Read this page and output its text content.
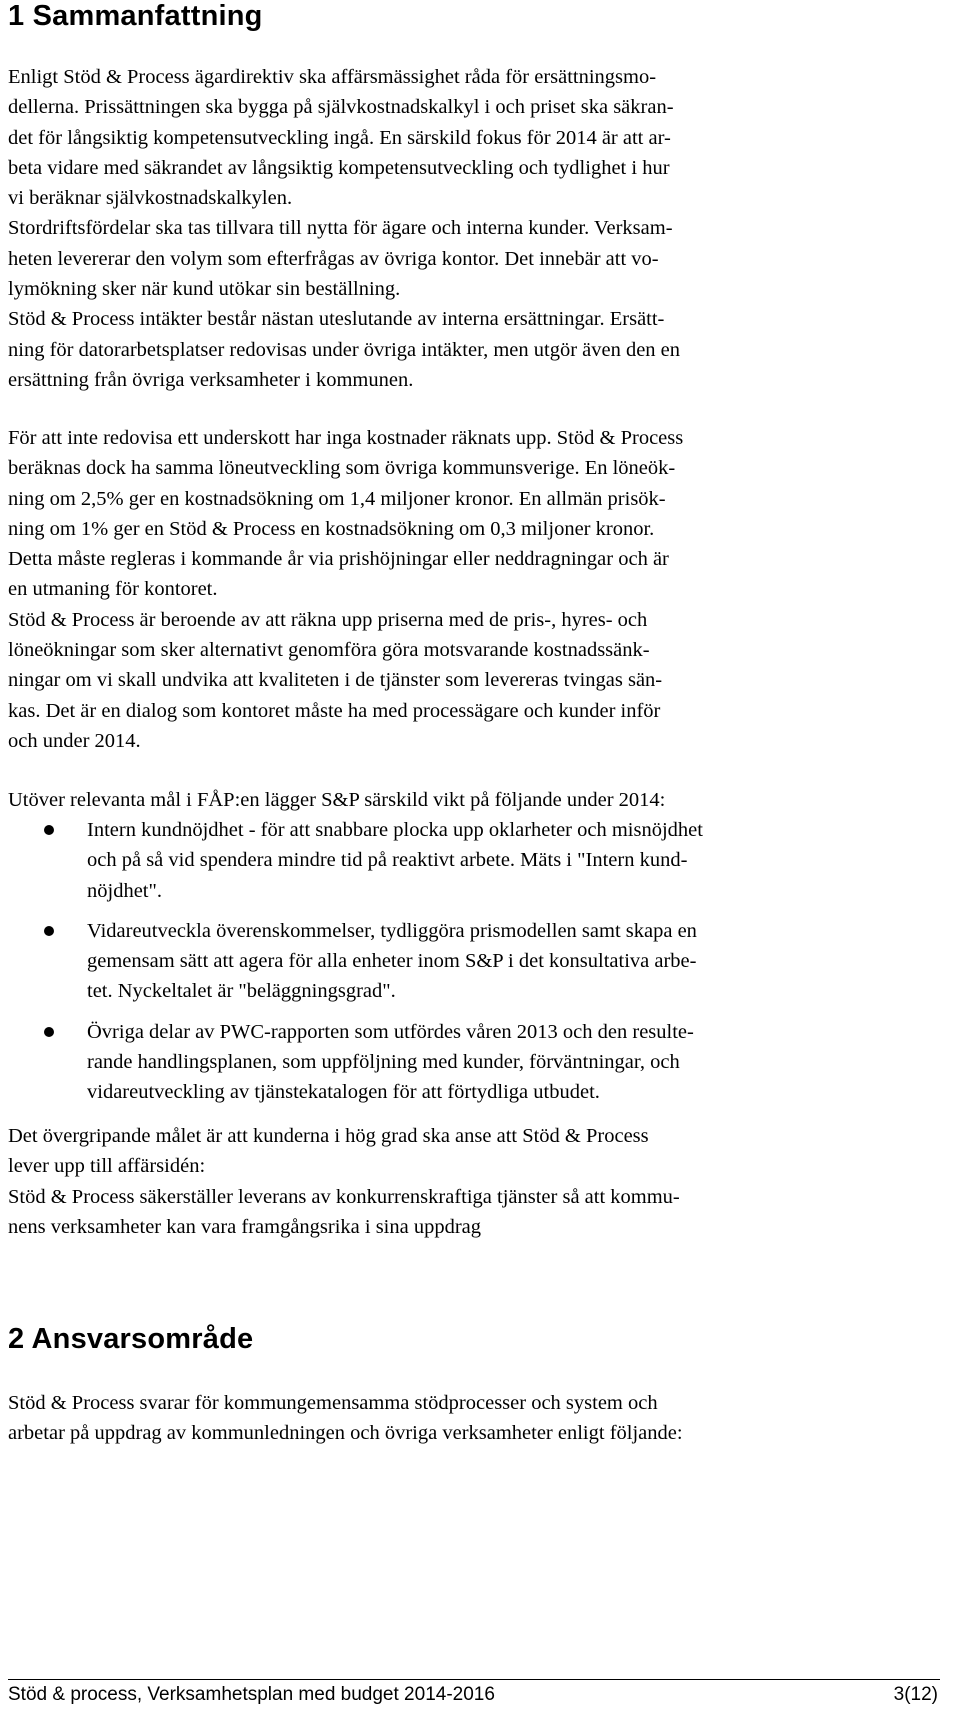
1 Sammanfattning
Enligt Stöd & Process ägardirektiv ska affärsmässighet råda för ersättningsmo-
dellerna. Prissättningen ska bygga på självkostnadskalkyl i och priset ska säkran-
det för långsiktig kompetensutveckling ingå. En särskild fokus för 2014 är att ar-
beta vidare med säkrandet av långsiktig kompetensutveckling och tydlighet i hur
vi beräknar självkostnadskalkylen.
Stordriftsfördelar ska tas tillvara till nytta för ägare och interna kunder. Verksam-
heten levererar den volym som efterfrågas av övriga kontor. Det innebär att vo-
lymökning sker när kund utökar sin beställning.
Stöd & Process intäkter består nästan uteslutande av interna ersättningar. Ersätt-
ning för datorarbetsplatser redovisas under övriga intäkter, men utgör även den en
ersättning från övriga verksamheter i kommunen.
För att inte redovisa ett underskott har inga kostnader räknats upp. Stöd & Process
beräknas dock ha samma löneutveckling som övriga kommunsverige. En löneök-
ning om 2,5% ger en kostnadsökning om 1,4 miljoner kronor. En allmän prisök-
ning om 1% ger en Stöd & Process en kostnadsökning om 0,3 miljoner kronor.
Detta måste regleras i kommande år via prishöjningar eller neddragningar och är
en utmaning för kontoret.
Stöd & Process är beroende av att räkna upp priserna med de pris-, hyres- och
löneökningar som sker alternativt genomföra göra motsvarande kostnadssänk-
ningar om vi skall undvika att kvaliteten i de tjänster som levereras tvingas sän-
kas. Det är en dialog som kontoret måste ha med processägare och kunder inför
och under 2014.
Utöver relevanta mål i FÅP:en lägger S&P särskild vikt på följande under 2014:
Intern kundnöjdhet - för att snabbare plocka upp oklarheter och misnöjdhet
och på så vid spendera mindre tid på reaktivt arbete. Mäts i "Intern kund-
nöjdhet".
Vidareutveckla överenskommelser, tydliggöra prismodellen samt skapa en
gemensam sätt att agera för alla enheter inom S&P i det konsultativa arbe-
tet. Nyckeltalet är "beläggningsgrad".
Övriga delar av PWC-rapporten som utfördes våren 2013 och den resulte-
rande handlingsplanen, som uppföljning med kunder, förväntningar, och
vidareutveckling av tjänstekatalogen för att förtydliga utbudet.
Det övergripande målet är att kunderna i hög grad ska anse att Stöd & Process
lever upp till affärsidén:
Stöd & Process säkerställer leverans av konkurrenskraftiga tjänster så att kommu-
nens verksamheter kan vara framgångsrika i sina uppdrag
2 Ansvarsområde
Stöd & Process svarar för kommungemensamma stödprocesser och system och
arbetar på uppdrag av kommunledningen och övriga verksamheter enligt följande:
Stöd & process, Verksamhetsplan med budget 2014-2016	3(12)
